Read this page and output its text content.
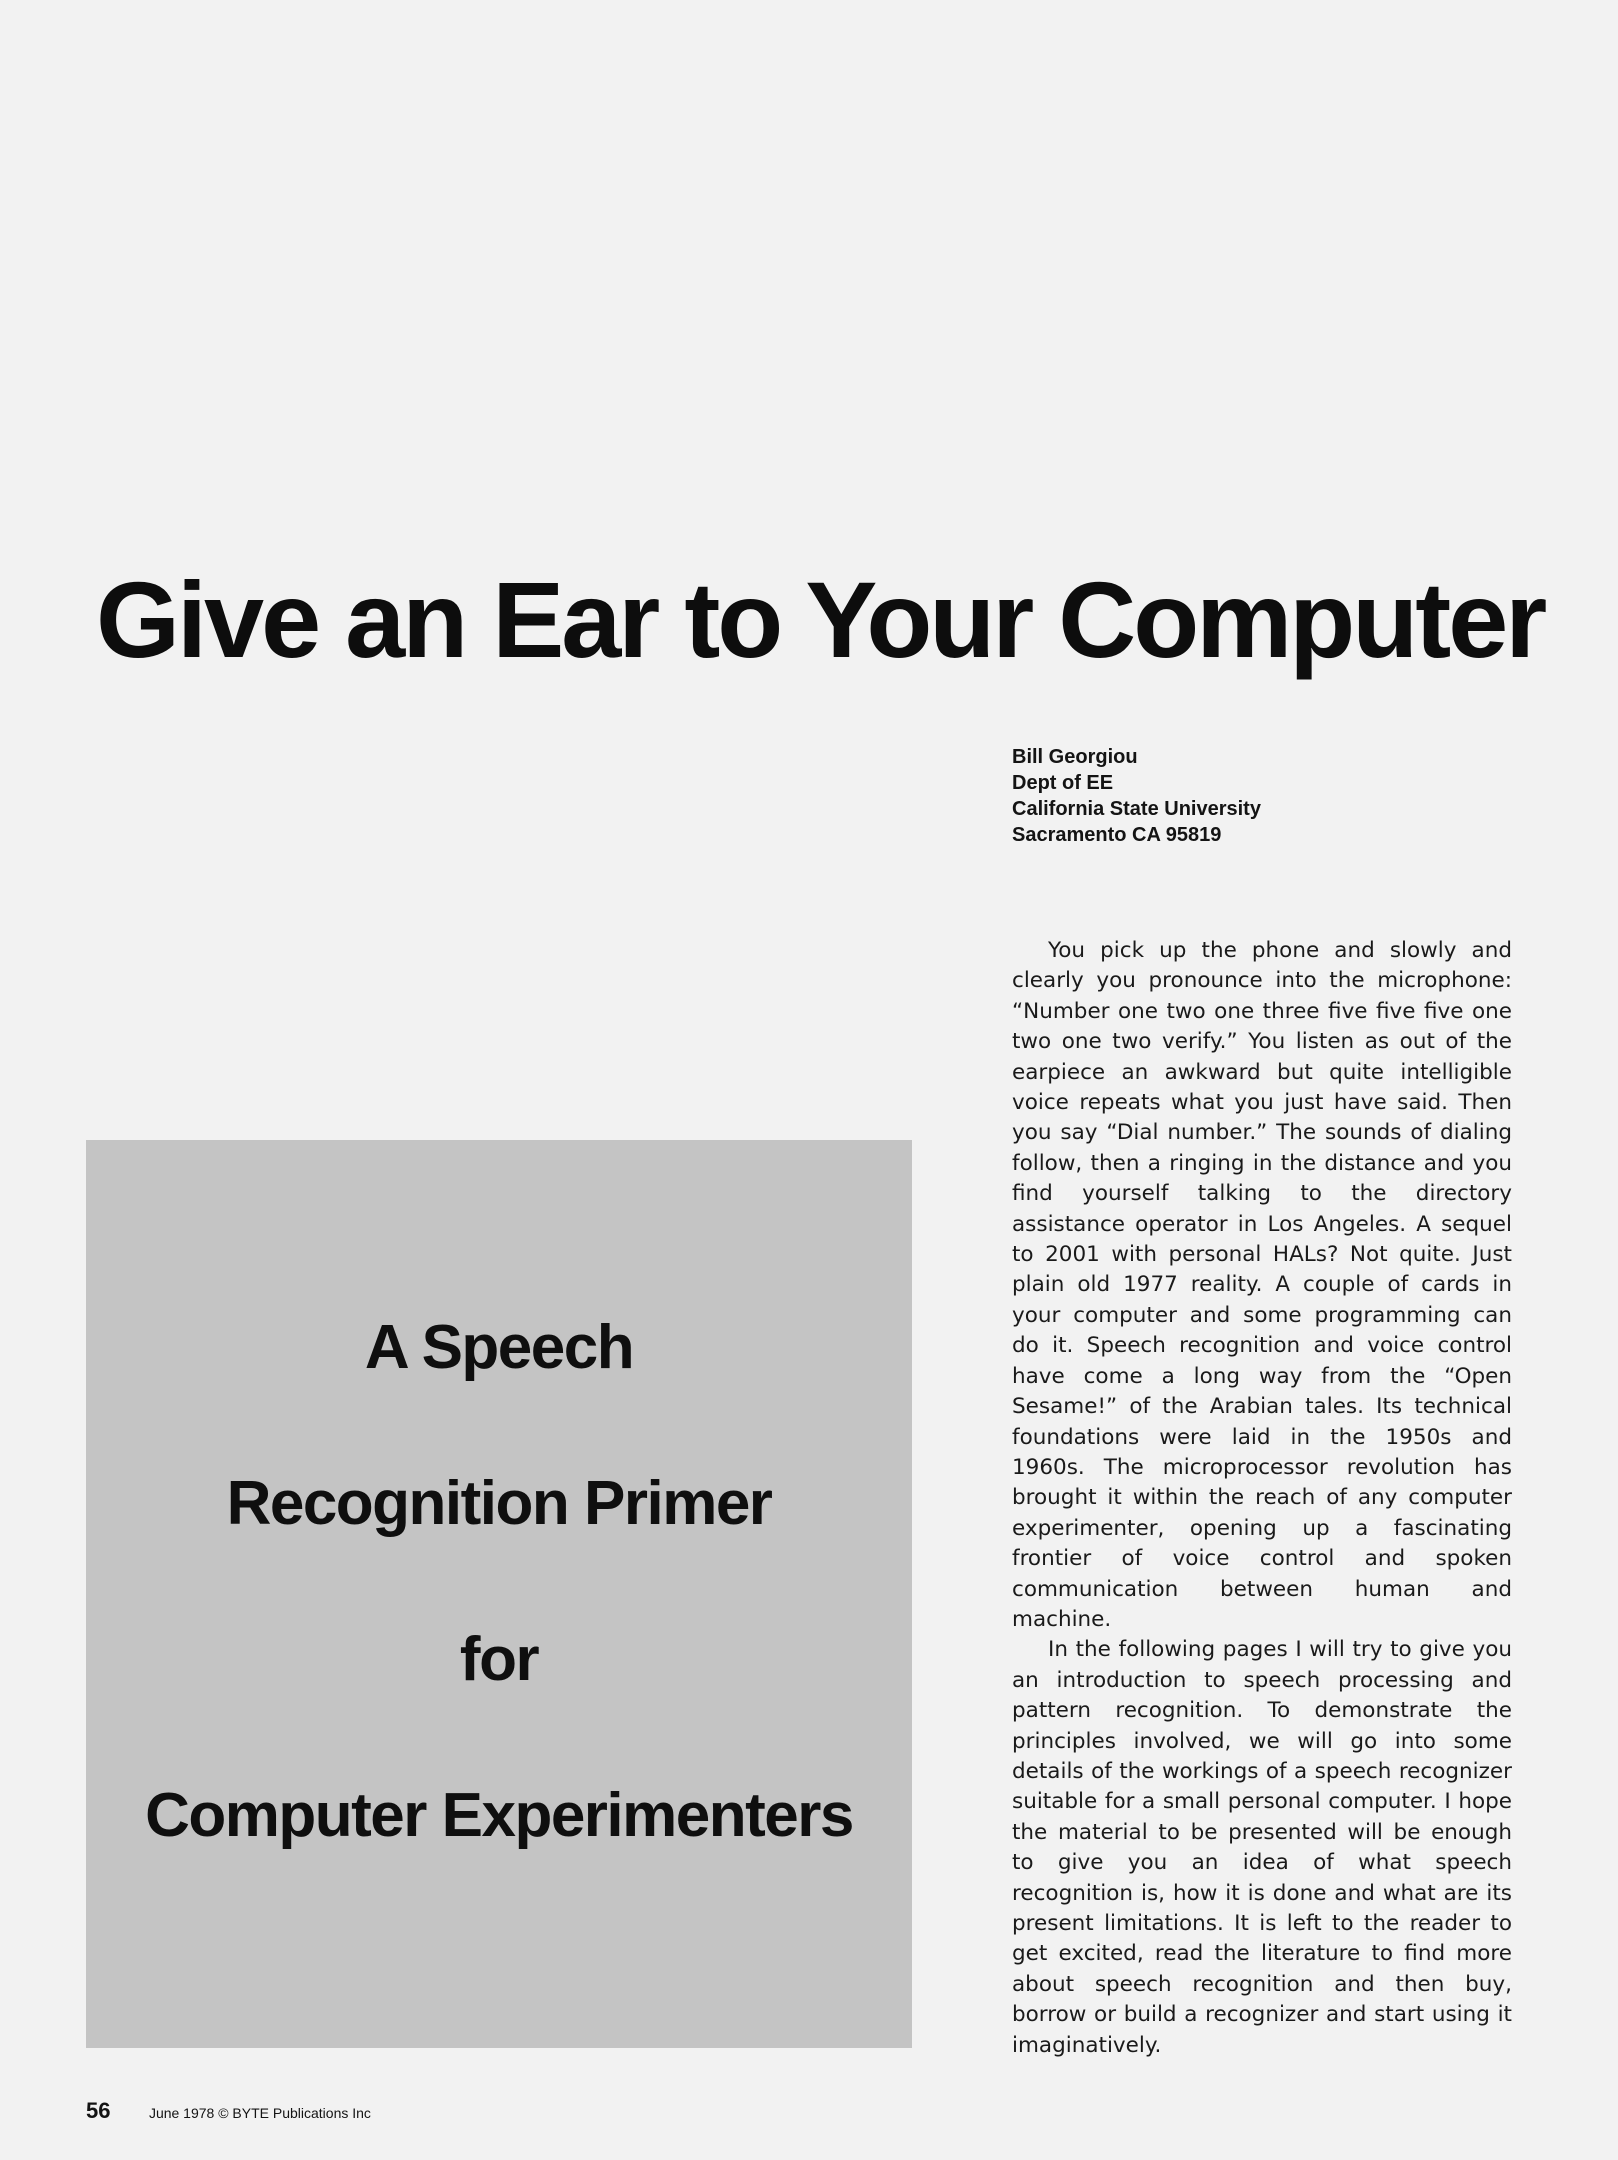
Give an Ear to Your Computer
Bill Georgiou
Dept of EE
California State University
Sacramento CA 95819
A Speech
Recognition Primer
for
Computer Experimenters

You pick up the phone and slowly and clearly you pronounce into the microphone: “Number one two one three five five five one two one two verify.” You listen as out of the earpiece an awkward but quite intelligible voice repeats what you just have said. Then you say “Dial number.” The sounds of dialing follow, then a ringing in the distance and you find yourself talking to the directory assistance operator in Los Angeles. A sequel to 2001 with personal HALs? Not quite. Just plain old 1977 reality. A couple of cards in your computer and some programming can do it. Speech recognition and voice control have come a long way from the “Open Sesame!” of the Arabian tales. Its technical foundations were laid in the 1950s and 1960s. The microprocessor revolution has brought it within the reach of any computer experimenter, opening up a fascinating frontier of voice control and spoken communication between human and machine.

In the following pages I will try to give you an introduction to speech processing and pattern recognition. To demonstrate the principles involved, we will go into some details of the workings of a speech recognizer suitable for a small personal computer. I hope the material to be presented will be enough to give you an idea of what speech recognition is, how it is done and what are its present limitations. It is left to the reader to get excited, read the literature to find more about speech recognition and then buy, borrow or build a recognizer and start using it imaginatively.

56	June 1978 © BYTE Publications Inc
